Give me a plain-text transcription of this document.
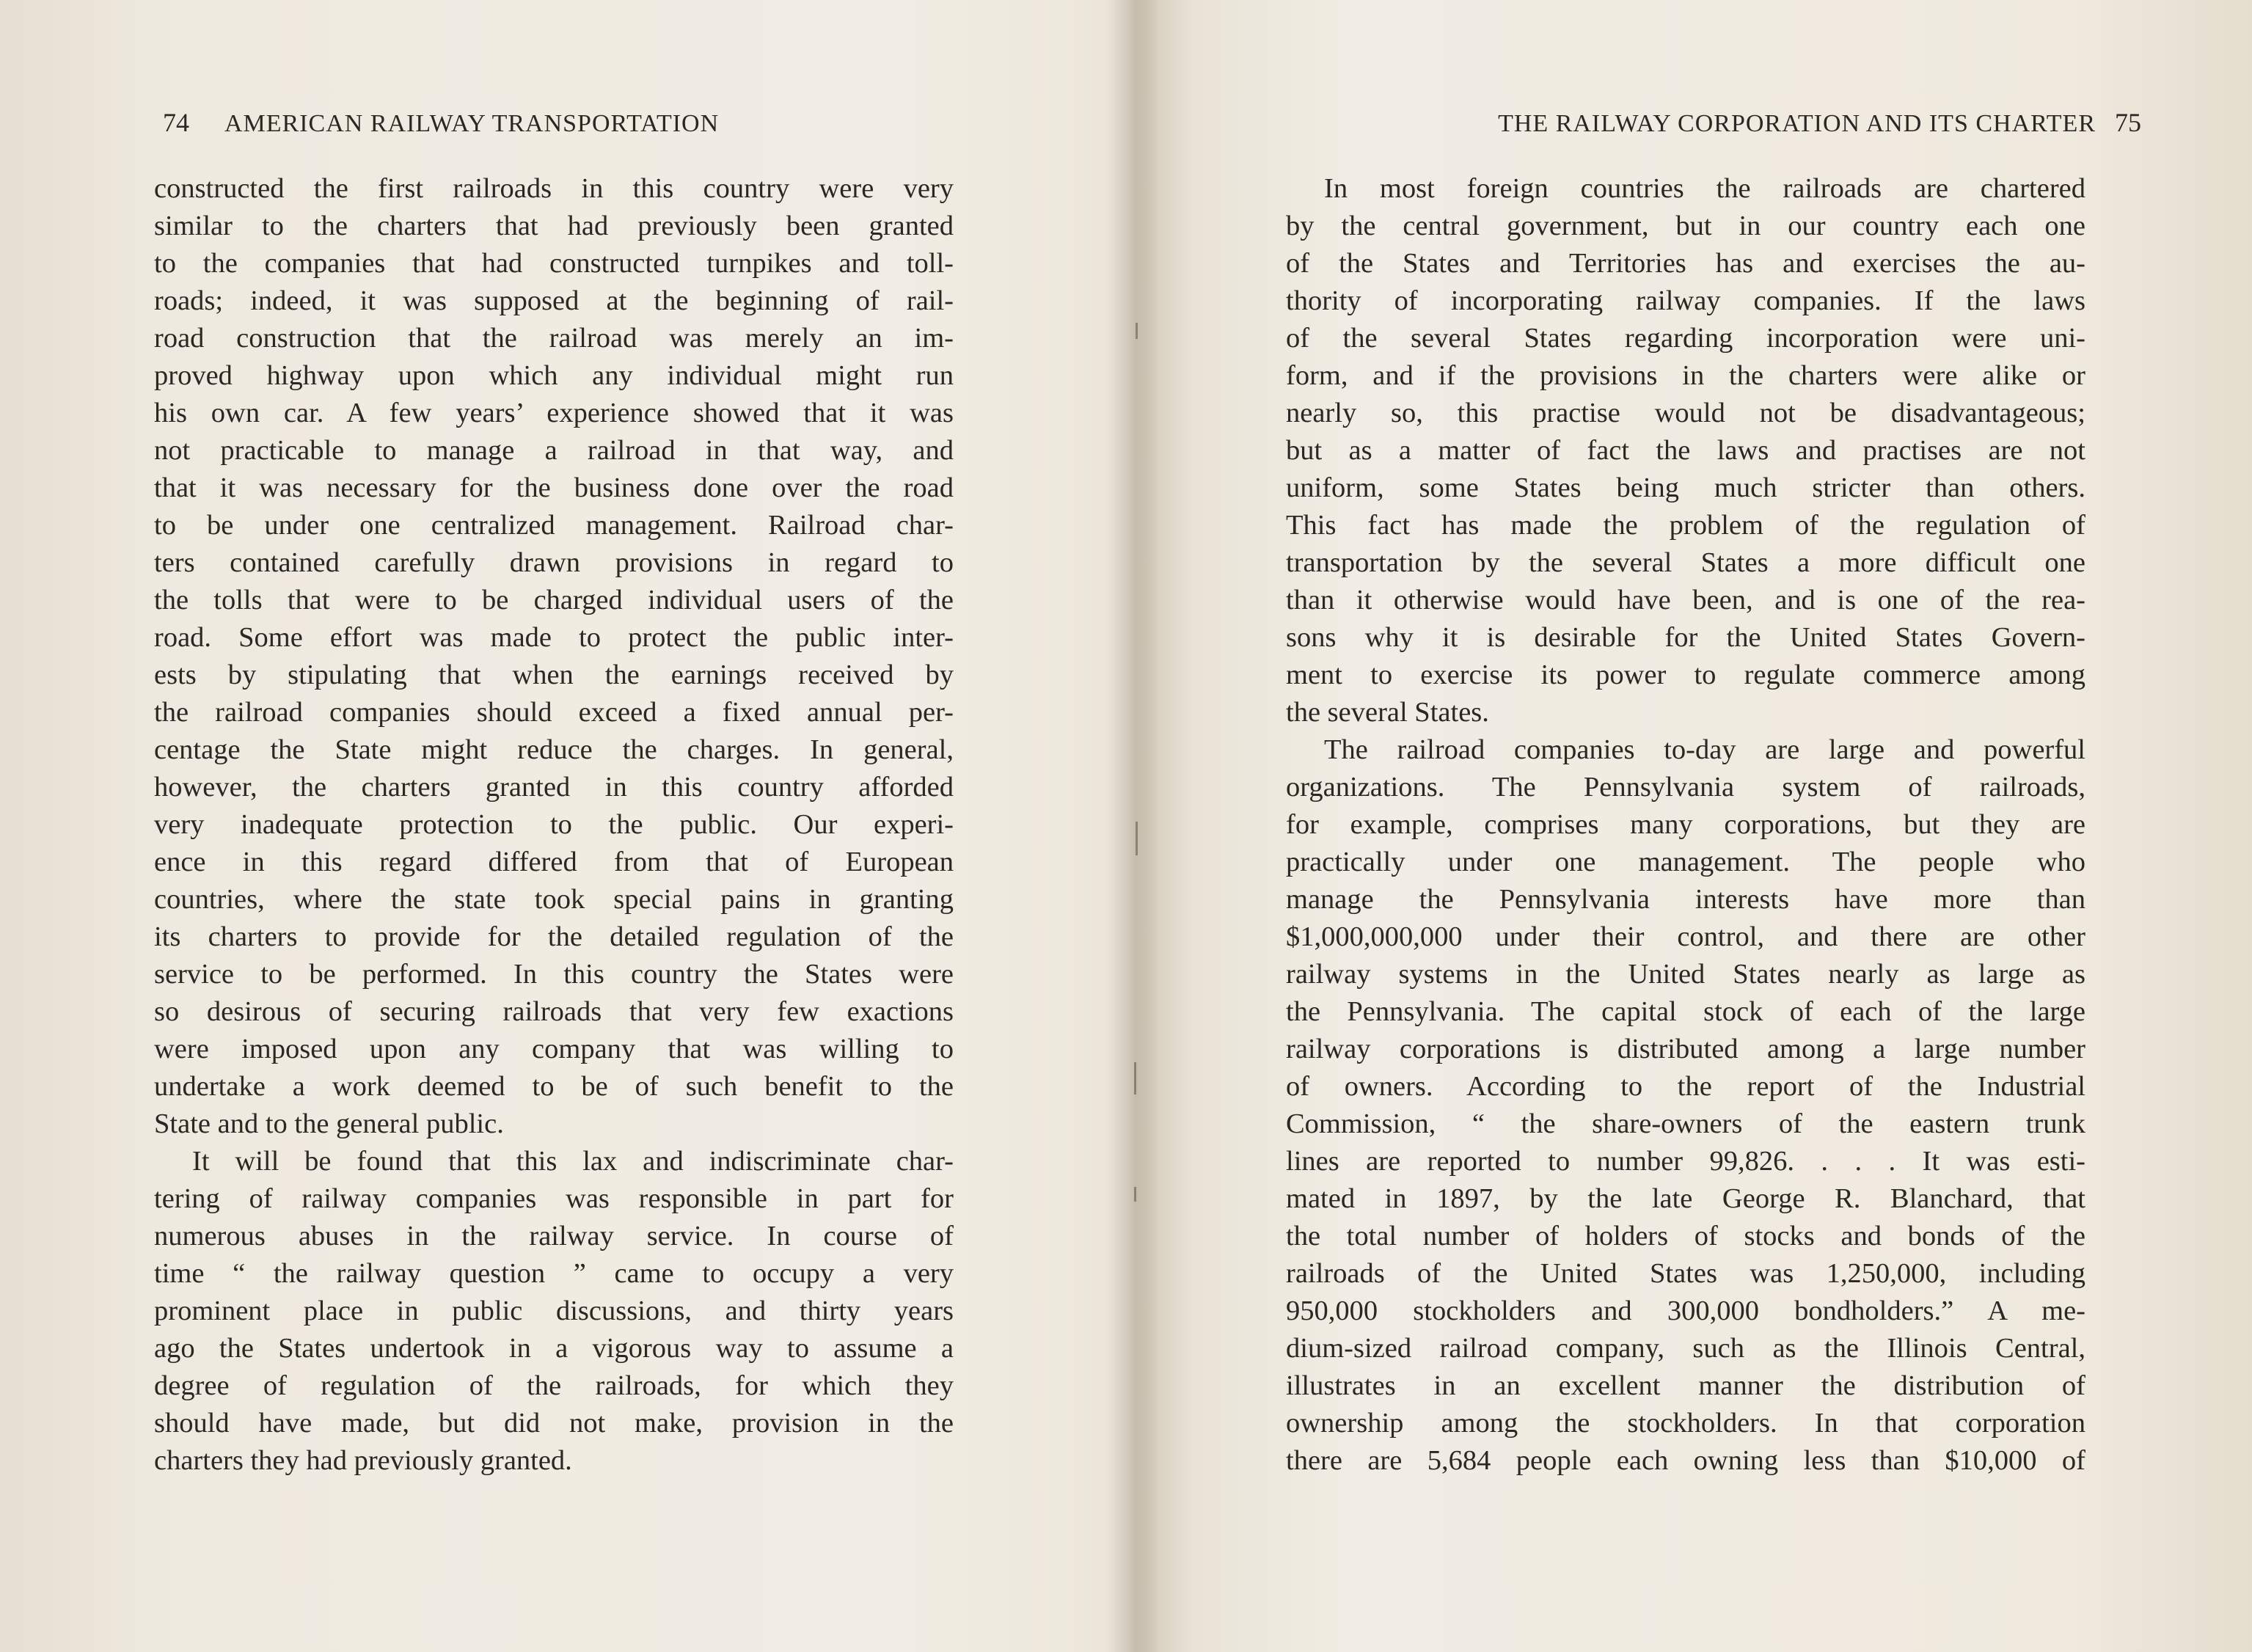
74 AMERICAN RAILWAY TRANSPORTATION
constructed the first railroads in this country were very
similar to the charters that had previously been granted
to the companies that had constructed turnpikes and toll-
roads; indeed, it was supposed at the beginning of rail-
road construction that the railroad was merely an im-
proved highway upon which any individual might run
his own car. A few years’ experience showed that it was
not practicable to manage a railroad in that way, and
that it was necessary for the business done over the road
to be under one centralized management. Railroad char-
ters contained carefully drawn provisions in regard to
the tolls that were to be charged individual users of the
road. Some effort was made to protect the public inter-
ests by stipulating that when the earnings received by
the railroad companies should exceed a fixed annual per-
centage the State might reduce the charges. In general,
however, the charters granted in this country afforded
very inadequate protection to the public. Our experi-
ence in this regard differed from that of European
countries, where the state took special pains in granting
its charters to provide for the detailed regulation of the
service to be performed. In this country the States were
so desirous of securing railroads that very few exactions
were imposed upon any company that was willing to
undertake a work deemed to be of such benefit to the
State and to the general public.
It will be found that this lax and indiscriminate char-
tering of railway companies was responsible in part for
numerous abuses in the railway service. In course of
time “ the railway question ” came to occupy a very
prominent place in public discussions, and thirty years
ago the States undertook in a vigorous way to assume a
degree of regulation of the railroads, for which they
should have made, but did not make, provision in the
charters they had previously granted.
THE RAILWAY CORPORATION AND ITS CHARTER 75
In most foreign countries the railroads are chartered
by the central government, but in our country each one
of the States and Territories has and exercises the au-
thority of incorporating railway companies. If the laws
of the several States regarding incorporation were uni-
form, and if the provisions in the charters were alike or
nearly so, this practise would not be disadvantageous;
but as a matter of fact the laws and practises are not
uniform, some States being much stricter than others.
This fact has made the problem of the regulation of
transportation by the several States a more difficult one
than it otherwise would have been, and is one of the rea-
sons why it is desirable for the United States Govern-
ment to exercise its power to regulate commerce among
the several States.
The railroad companies to-day are large and powerful
organizations. The Pennsylvania system of railroads,
for example, comprises many corporations, but they are
practically under one management. The people who
manage the Pennsylvania interests have more than
$1,000,000,000 under their control, and there are other
railway systems in the United States nearly as large as
the Pennsylvania. The capital stock of each of the large
railway corporations is distributed among a large number
of owners. According to the report of the Industrial
Commission, “ the share-owners of the eastern trunk
lines are reported to number 99,826. . . . It was esti-
mated in 1897, by the late George R. Blanchard, that
the total number of holders of stocks and bonds of the
railroads of the United States was 1,250,000, including
950,000 stockholders and 300,000 bondholders.” A me-
dium-sized railroad company, such as the Illinois Central,
illustrates in an excellent manner the distribution of
ownership among the stockholders. In that corporation
there are 5,684 people each owning less than $10,000 of
